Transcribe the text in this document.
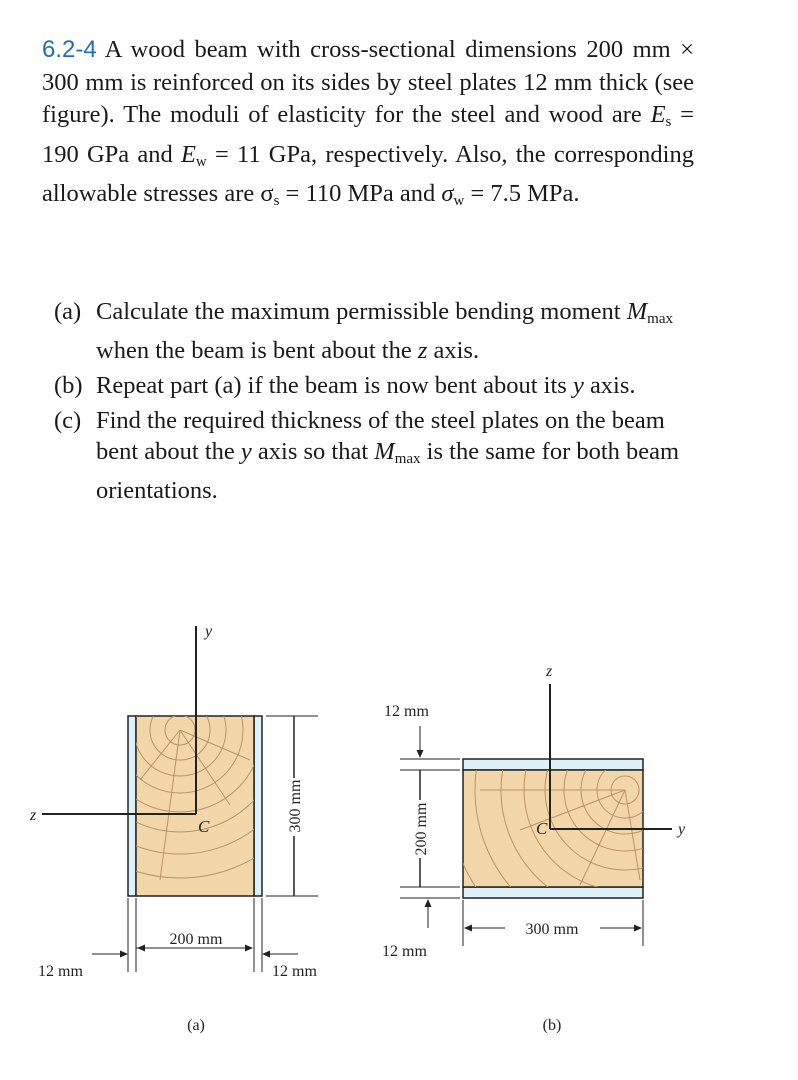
6.2-4 A wood beam with cross-sectional dimensions 200 mm × 300 mm is reinforced on its sides by steel plates 12 mm thick (see figure). The moduli of elasticity for the steel and wood are $E_s = 190$ GPa and $E_w = 11$ GPa, respectively. Also, the corresponding allowable stresses are $\sigma_s = 110$ MPa and $\sigma_w = 7.5$ MPa.
(a) Calculate the maximum permissible bending moment $M_{max}$ when the beam is bent about the z axis.
(b) Repeat part (a) if the beam is now bent about its y axis.
(c) Find the required thickness of the steel plates on the beam bent about the y axis so that $M_{max}$ is the same for both beam orientations.
y
z
C	300 mm
200 mm
12 mm	12 mm
(a)
z
y
C
12 mm
200 mm
12 mm
300 mm
(b)
